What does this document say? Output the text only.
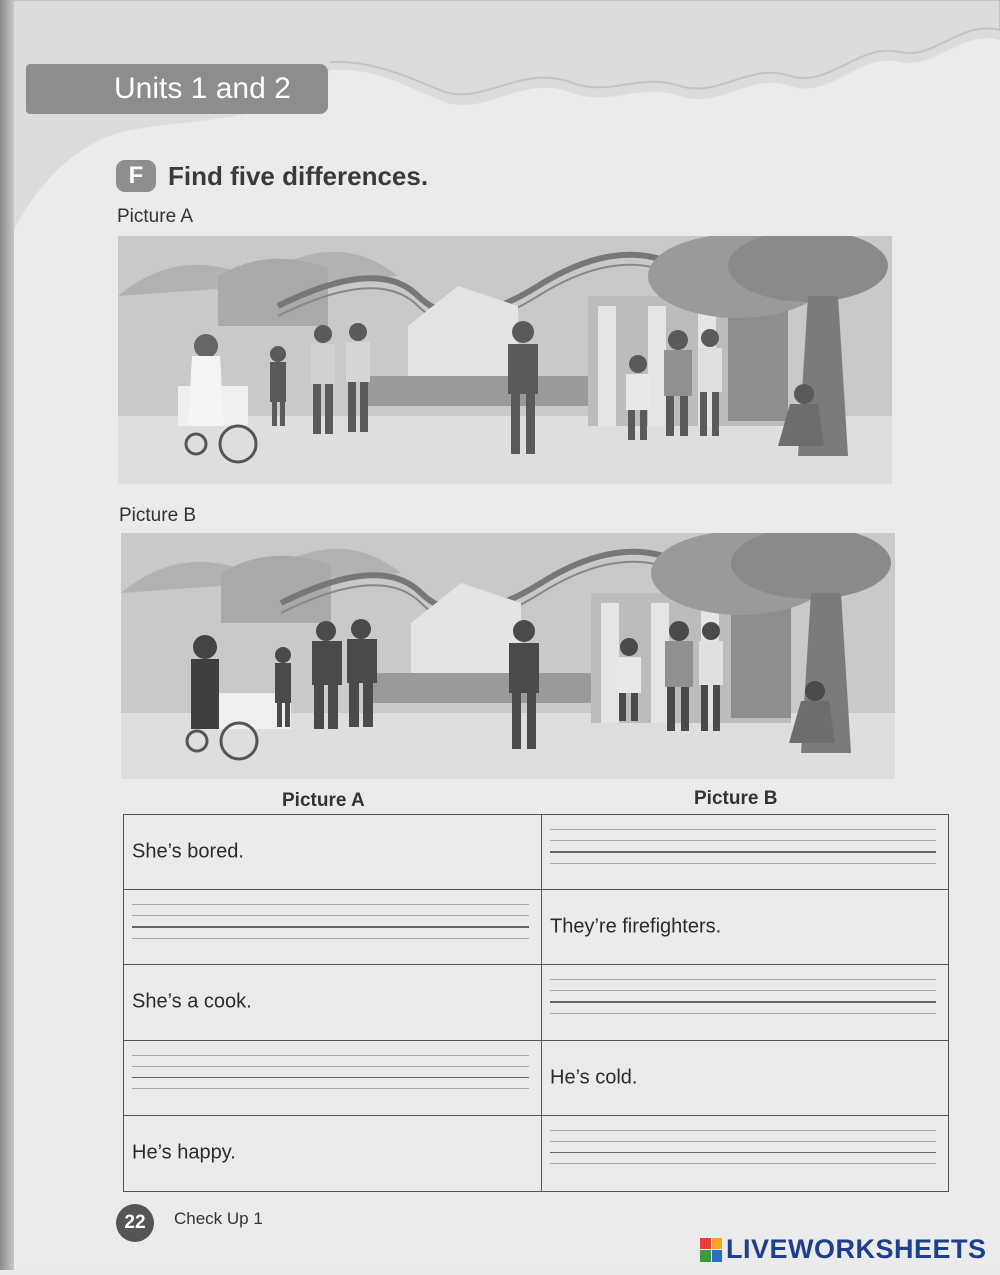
Units 1 and 2
F Find five differences.
Picture A
Picture B
Picture A	Picture B
She’s bored.
They’re firefighters.
She’s a cook.
He’s cold.
He’s happy.
22	Check Up 1
LIVEWORKSHEETS
